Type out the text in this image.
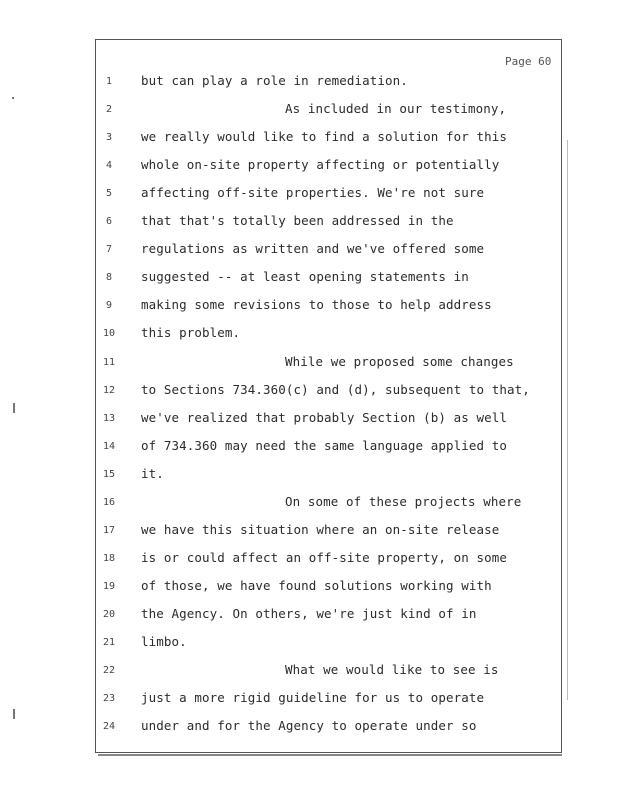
Page 60
1	but can play a role in remediation.
2	As included in our testimony,
3	we really would like to find a solution for this
4	whole on-site property affecting or potentially
5	affecting off-site properties. We're not sure
6	that that's totally been addressed in the
7	regulations as written and we've offered some
8	suggested -- at least opening statements in
9	making some revisions to those to help address
10	this problem.
11	While we proposed some changes
12	to Sections 734.360(c) and (d), subsequent to that,
13	we've realized that probably Section (b) as well
14	of 734.360 may need the same language applied to
15	it.
16	On some of these projects where
17	we have this situation where an on-site release
18	is or could affect an off-site property, on some
19	of those, we have found solutions working with
20	the Agency. On others, we're just kind of in
21	limbo.
22	What we would like to see is
23	just a more rigid guideline for us to operate
24	under and for the Agency to operate under so
